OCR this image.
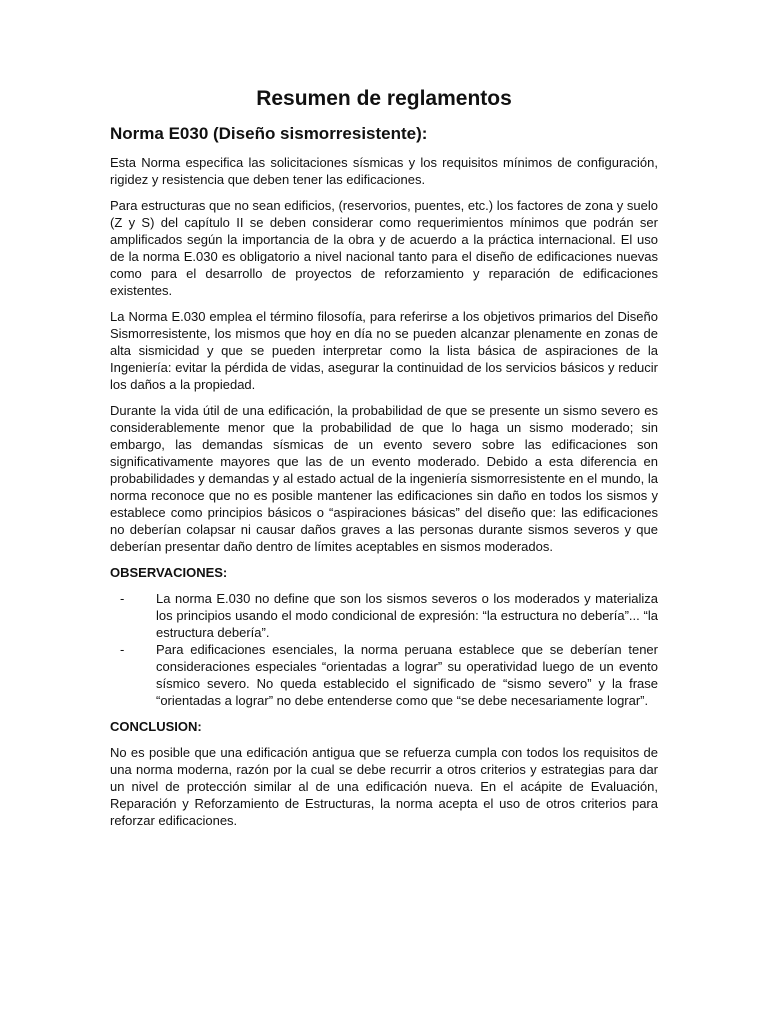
Resumen de reglamentos
Norma E030 (Diseño sismorresistente):

Esta Norma especifica las solicitaciones sísmicas y los requisitos mínimos de configuración, rigidez y resistencia que deben tener las edificaciones.

Para estructuras que no sean edificios, (reservorios, puentes, etc.) los factores de zona y suelo (Z y S) del capítulo II se deben considerar como requerimientos mínimos que podrán ser amplificados según la importancia de la obra y de acuerdo a la práctica internacional. El uso de la norma E.030 es obligatorio a nivel nacional tanto para el diseño de edificaciones nuevas como para el desarrollo de proyectos de reforzamiento y reparación de edificaciones existentes.

La Norma E.030 emplea el término filosofía, para referirse a los objetivos primarios del Diseño Sismorresistente, los mismos que hoy en día no se pueden alcanzar plenamente en zonas de alta sismicidad y que se pueden interpretar como la lista básica de aspiraciones de la Ingeniería: evitar la pérdida de vidas, asegurar la continuidad de los servicios básicos y reducir los daños a la propiedad.

Durante la vida útil de una edificación, la probabilidad de que se presente un sismo severo es considerablemente menor que la probabilidad de que lo haga un sismo moderado; sin embargo, las demandas sísmicas de un evento severo sobre las edificaciones son significativamente mayores que las de un evento moderado. Debido a esta diferencia en probabilidades y demandas y al estado actual de la ingeniería sismorresistente en el mundo, la norma reconoce que no es posible mantener las edificaciones sin daño en todos los sismos y establece como principios básicos o “aspiraciones básicas” del diseño que: las edificaciones no deberían colapsar ni causar daños graves a las personas durante sismos severos y que deberían presentar daño dentro de límites aceptables en sismos moderados.

OBSERVACIONES:
- La norma E.030 no define que son los sismos severos o los moderados y materializa los principios usando el modo condicional de expresión: “la estructura no debería”... “la estructura debería”.
- Para edificaciones esenciales, la norma peruana establece que se deberían tener consideraciones especiales “orientadas a lograr” su operatividad luego de un evento sísmico severo. No queda establecido el significado de “sismo severo” y la frase “orientadas a lograr” no debe entenderse como que “se debe necesariamente lograr”.
CONCLUSION:

No es posible que una edificación antigua que se refuerza cumpla con todos los requisitos de una norma moderna, razón por la cual se debe recurrir a otros criterios y estrategias para dar un nivel de protección similar al de una edificación nueva. En el acápite de Evaluación, Reparación y Reforzamiento de Estructuras, la norma acepta el uso de otros criterios para reforzar edificaciones.
